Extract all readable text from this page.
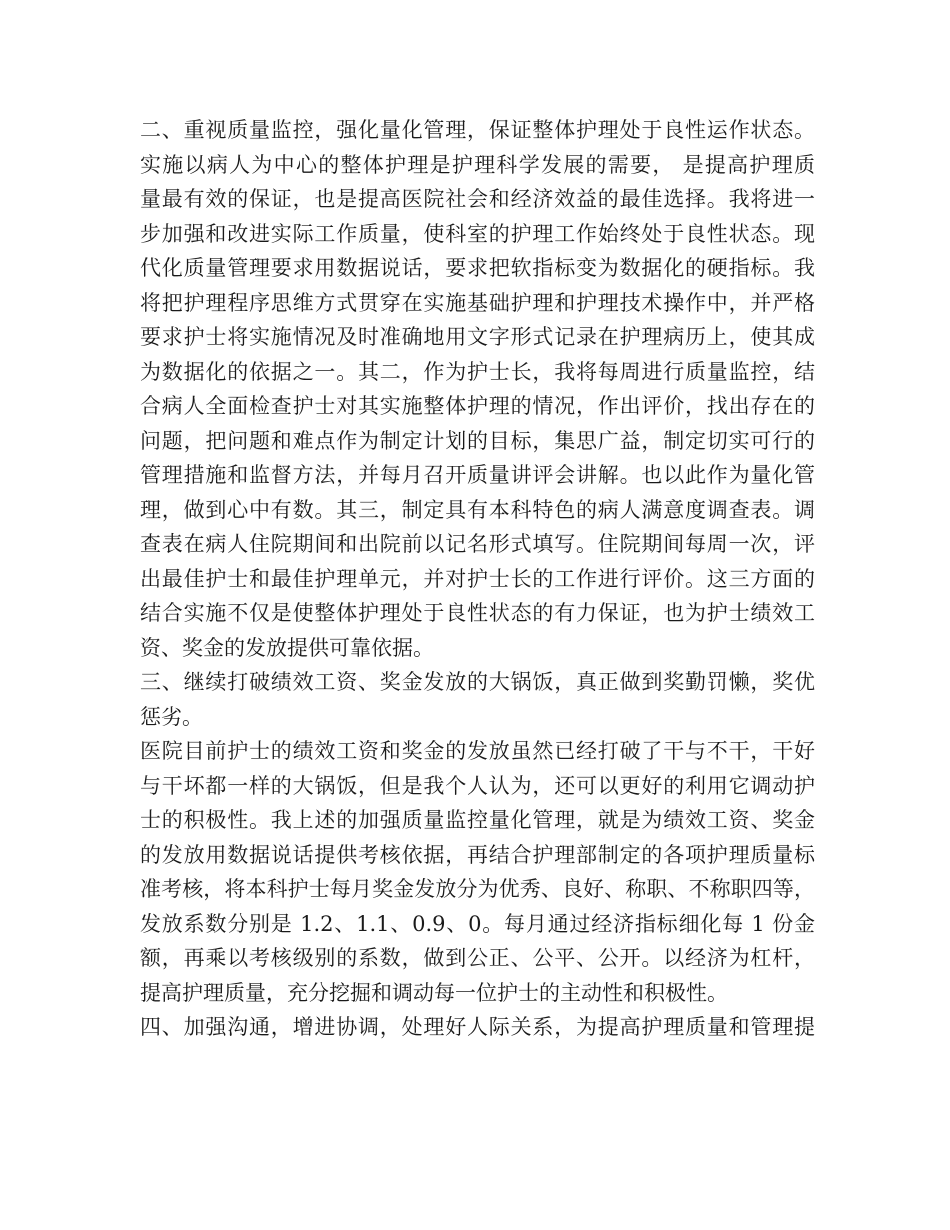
二、重视质量监控，强化量化管理，保证整体护理处于良性运作状态。
实施以病人为中心的整体护理是护理科学发展的需要， 是提高护理质
量最有效的保证，也是提高医院社会和经济效益的最佳选择。我将进一
步加强和改进实际工作质量，使科室的护理工作始终处于良性状态。现
代化质量管理要求用数据说话，要求把软指标变为数据化的硬指标。我
将把护理程序思维方式贯穿在实施基础护理和护理技术操作中，并严格
要求护士将实施情况及时准确地用文字形式记录在护理病历上，使其成
为数据化的依据之一。其二，作为护士长，我将每周进行质量监控，结
合病人全面检查护士对其实施整体护理的情况，作出评价，找出存在的
问题，把问题和难点作为制定计划的目标，集思广益，制定切实可行的
管理措施和监督方法，并每月召开质量讲评会讲解。也以此作为量化管
理，做到心中有数。其三，制定具有本科特色的病人满意度调查表。调
查表在病人住院期间和出院前以记名形式填写。住院期间每周一次，评
出最佳护士和最佳护理单元，并对护士长的工作进行评价。这三方面的
结合实施不仅是使整体护理处于良性状态的有力保证，也为护士绩效工
资、奖金的发放提供可靠依据。
三、继续打破绩效工资、奖金发放的大锅饭，真正做到奖勤罚懒，奖优
惩劣。
医院目前护士的绩效工资和奖金的发放虽然已经打破了干与不干，干好
与干坏都一样的大锅饭，但是我个人认为，还可以更好的利用它调动护
士的积极性。我上述的加强质量监控量化管理，就是为绩效工资、奖金
的发放用数据说话提供考核依据，再结合护理部制定的各项护理质量标
准考核，将本科护士每月奖金发放分为优秀、良好、称职、不称职四等，
发放系数分别是 1.2、1.1、0.9、0。每月通过经济指标细化每 1 份金
额，再乘以考核级别的系数，做到公正、公平、公开。以经济为杠杆，
提高护理质量，充分挖掘和调动每一位护士的主动性和积极性。
四、加强沟通，增进协调，处理好人际关系，为提高护理质量和管理提
